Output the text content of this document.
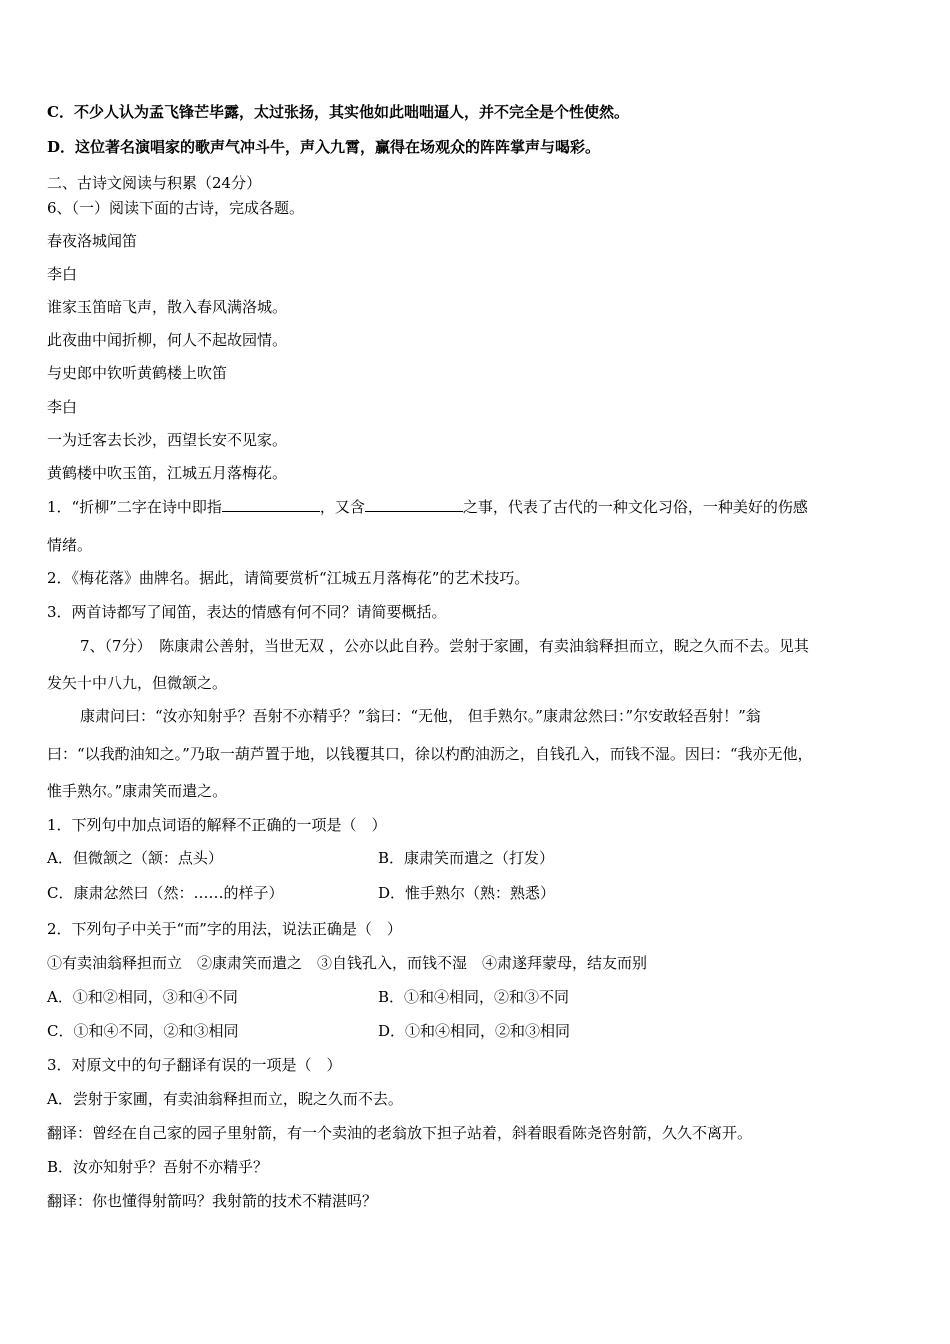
C．不少人认为孟飞锋芒毕露，太过张扬，其实他如此咄咄逼人，并不完全是个性使然。
D．这位著名演唱家的歌声气冲斗牛，声入九霄，赢得在场观众的阵阵掌声与喝彩。
二、古诗文阅读与积累（24分）
6、（一）阅读下面的古诗，完成各题。
春夜洛城闻笛
李白
谁家玉笛暗飞声，散入春风满洛城。
此夜曲中闻折柳，何人不起故园情。
与史郎中钦听黄鹤楼上吹笛
李白
一为迁客去长沙，西望长安不见家。
黄鹤楼中吹玉笛，江城五月落梅花。
1．“折柳”二字在诗中即指	，又含	之事，代表了古代的一种文化习俗，一种美好的伤感
情绪。
2．《梅花落》曲牌名。据此，请简要赏析“江城五月落梅花”的艺术技巧。
3．两首诗都写了闻笛，表达的情感有何不同？请简要概括。
7、（7分）　陈康肃公善射，当世无双 ，公亦以此自矜。尝射于家圃，有卖油翁释担而立，睨之久而不去。见其
发矢十中八九，但微颔之。
康肃问曰：“汝亦知射乎？吾射不亦精乎？”翁曰：“无他， 但手熟尔。”康肃忿然曰：”尔安敢轻吾射！”翁
曰：“以我酌油知之。”乃取一葫芦置于地，以钱覆其口，徐以杓酌油沥之，自钱孔入，而钱不湿。因曰：“我亦无他，
惟手熟尔。”康肃笑而遣之。
1．下列句中加点词语的解释不正确的一项是（　）
A．但微颔之（颔：点头）	B．康肃笑而遣之（打发）
C．康肃忿然曰（然：……的样子）	D．惟手熟尔（熟：熟悉）
2．下列句子中关于“而”字的用法，说法正确是（　）
①有卖油翁释担而立　②康肃笑而遣之　③自钱孔入，而钱不湿　④肃遂拜蒙母，结友而别
A．①和②相同，③和④不同	B．①和④相同，②和③不同
C．①和④不同，②和③相同	D．①和④相同，②和③相同
3．对原文中的句子翻译有误的一项是（　）
A．尝射于家圃，有卖油翁释担而立，睨之久而不去。
翻译：曾经在自己家的园子里射箭，有一个卖油的老翁放下担子站着，斜着眼看陈尧咨射箭，久久不离开。
B．汝亦知射乎？吾射不亦精乎？
翻译：你也懂得射箭吗？我射箭的技术不精湛吗？
